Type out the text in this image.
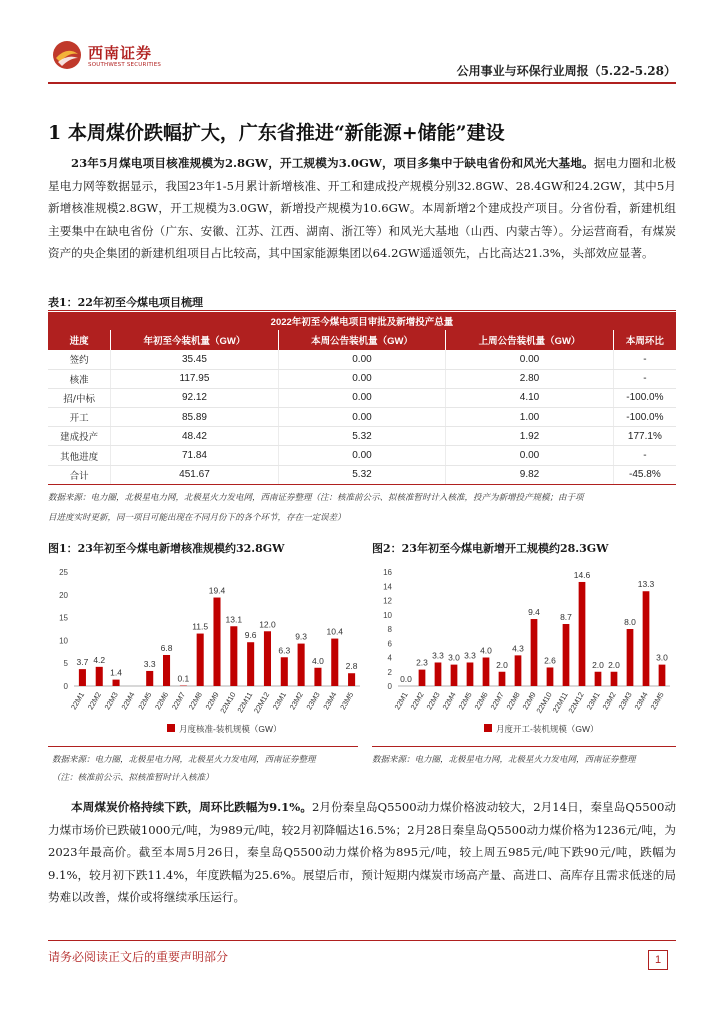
西南证券
SOUTHWEST SECURITIES	公用事业与环保行业周报（5.22-5.28）
1 本周煤价跌幅扩大，广东省推进“新能源+储能”建设
23年5月煤电项目核准规模为2.8GW，开工规模为3.0GW，项目多集中于缺电省份和风光大基地。据电力圈和北极星电力网等数据显示，我国23年1-5月累计新增核准、开工和建成投产规模分别32.8GW、28.4GW和24.2GW，其中5月新增核准规模2.8GW，开工规模为3.0GW，新增投产规模为10.6GW。本周新增2个建成投产项目。分省份看，新建机组主要集中在缺电省份（广东、安徽、江苏、江西、湖南、浙江等）和风光大基地（山西、内蒙古等）。分运营商看，有煤炭资产的央企集团的新建机组项目占比较高，其中国家能源集团以64.2GW遥遥领先，占比高达21.3%，头部效应显著。
表1：22年初至今煤电项目梳理
2022年初至今煤电项目审批及新增投产总量				
进度	年初至今装机量（GW）	本周公告装机量（GW）	上周公告装机量（GW）	本周环比
签约	35.45	0.00	0.00	-
核准	117.95	0.00	2.80	-
招/中标	92.12	0.00	4.10	-100.0%
开工	85.89	0.00	1.00	-100.0%
建成投产	48.42	5.32	1.92	177.1%
其他进度	71.84	0.00	0.00	-
合计	451.67	5.32	9.82	-45.8%
数据来源：电力圈，北极星电力网，北极星火力发电网，西南证券整理（注：核准前公示、拟核准暂时计入核准，投产为新增投产规模；由于项
目进度实时更新，同一项目可能出现在不同月份下的各个环节，存在一定误差）
图1：23年初至今煤电新增核准规模约32.8GW	图2：23年初至今煤电新增开工规模约28.3GW
0
5
10
15
20
25
3.7
22M1
4.2
22M2
1.4
22M3 22M4
3.3
22M5
6.8
22M6
0.1
22M7
11.5
22M8
19.4
22M9
13.1
22M10
9.6
22M11
12.0
22M12
6.3
23M1
9.3
23M2
4.0
23M3
10.4
23M4
2.8
23M5
月度核准-装机规模（GW）
0
2
4
6
8
10
12
14
16
0.0
22M1
2.3
22M2
3.3
22M3
3.0
22M4
3.3
22M5
4.0
22M6
2.0
22M7
4.3
22M8
9.4
22M9
2.6
22M10
8.7
22M11
14.6
22M12
2.0
23M1
2.0
23M2
8.0
23M3
13.3
23M4
3.0
23M5
月度开工-装机规模（GW）
数据来源：电力圈，北极星电力网，北极星火力发电网，西南证券整理
（注：核准前公示、拟核准暂时计入核准）
数据来源：电力圈，北极星电力网，北极星火力发电网，西南证券整理
本周煤炭价格持续下跌，周环比跌幅为9.1%。2月份秦皇岛Q5500动力煤价格波动较大，2月14日，秦皇岛Q5500动力煤市场价已跌破1000元/吨，为989元/吨，较2月初降幅达16.5%；2月28日秦皇岛Q5500动力煤价格为1236元/吨，为2023年最高价。截至本周5月26日，秦皇岛Q5500动力煤价格为895元/吨，较上周五985元/吨下跌90元/吨，跌幅为9.1%，较月初下跌11.4%，年度跌幅为25.6%。展望后市，预计短期内煤炭市场高产量、高进口、高库存且需求低迷的局势难以改善，煤价或将继续承压运行。
请务必阅读正文后的重要声明部分	1
